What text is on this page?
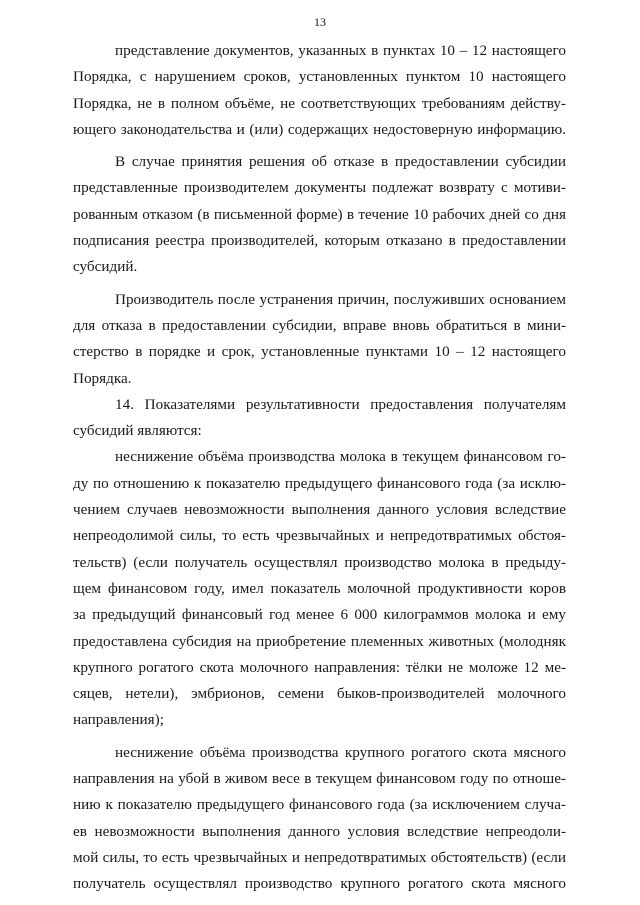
13
представление документов, указанных в пунктах 10 – 12 настоящего
Порядка, с нарушением сроков, установленных пунктом 10 настоящего
Порядка, не в полном объёме, не соответствующих требованиям действу-
ющего законодательства и (или) содержащих недостоверную информацию.
В случае принятия решения об отказе в предоставлении субсидии
представленные производителем документы подлежат возврату с мотиви-
рованным отказом (в письменной форме) в течение 10 рабочих дней со дня
подписания реестра производителей, которым отказано в предоставлении
субсидий.
Производитель после устранения причин, послуживших основанием
для отказа в предоставлении субсидии, вправе вновь обратиться в мини-
стерство в порядке и срок, установленные пунктами 10 – 12 настоящего
Порядка.
14. Показателями результативности предоставления получателям
субсидий являются:
неснижение объёма производства молока в текущем финансовом го-
ду по отношению к показателю предыдущего финансового года (за исклю-
чением случаев невозможности выполнения данного условия вследствие
непреодолимой силы, то есть чрезвычайных и непредотвратимых обстоя-
тельств) (если получатель осуществлял производство молока в предыду-
щем финансовом году, имел показатель молочной продуктивности коров
за предыдущий финансовый год менее 6 000 килограммов молока и ему
предоставлена субсидия на приобретение племенных животных (молодняк
крупного рогатого скота молочного направления: тёлки не моложе 12 ме-
сяцев, нетели), эмбрионов, семени быков-производителей молочного
направления);
неснижение объёма производства крупного рогатого скота мясного
направления на убой в живом весе в текущем финансовом году по отноше-
нию к показателю предыдущего финансового года (за исключением случа-
ев невозможности выполнения данного условия вследствие непреодоли-
мой силы, то есть чрезвычайных и непредотвратимых обстоятельств) (если
получатель осуществлял производство крупного рогатого скота мясного
